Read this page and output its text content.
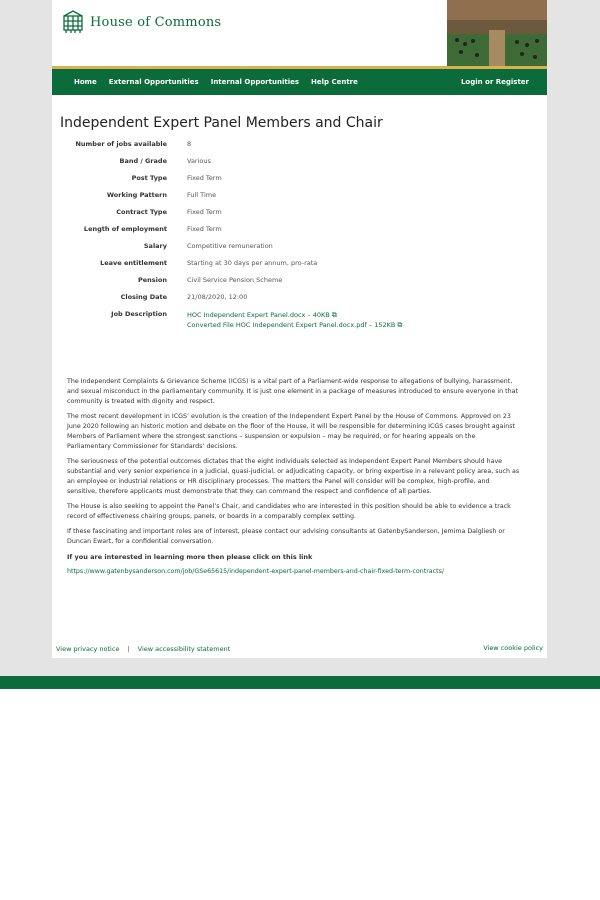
House of Commons
Home External Opportunities Internal Opportunities Help Centre	Login or Register
Independent Expert Panel Members and Chair
Number of jobs available	8
Band / Grade	Various
Post Type	Fixed Term
Working Pattern	Full Time
Contract Type	Fixed Term
Length of employment	Fixed Term
Salary	Competitive remuneration
Leave entitlement	Starting at 30 days per annum, pro-rata
Pension	Civil Service Pension Scheme
Closing Date	21/08/2020, 12:00
Job Description	HOC Independent Expert Panel.docx – 40KB ⧉
Converted File HOC Independent Expert Panel.docx.pdf – 152KB ⧉

The Independent Complaints & Grievance Scheme (ICGS) is a vital part of a Parliament-wide response to allegations of bullying, harassment, and sexual misconduct in the parliamentary community. It is just one element in a package of measures introduced to ensure everyone in that community is treated with dignity and respect.

The most recent development in ICGS’ evolution is the creation of the Independent Expert Panel by the House of Commons. Approved on 23 June 2020 following an historic motion and debate on the floor of the House, it will be responsible for determining ICGS cases brought against Members of Parliament where the strongest sanctions – suspension or expulsion – may be required, or for hearing appeals on the Parliamentary Commissioner for Standards’ decisions.

The seriousness of the potential outcomes dictates that the eight individuals selected as Independent Expert Panel Members should have substantial and very senior experience in a judicial, quasi-judicial, or adjudicating capacity, or bring expertise in a relevant policy area, such as an employee or industrial relations or HR disciplinary processes. The matters the Panel will consider will be complex, high-profile, and sensitive, therefore applicants must demonstrate that they can command the respect and confidence of all parties.

The House is also seeking to appoint the Panel’s Chair, and candidates who are interested in this position should be able to evidence a track record of effectiveness chairing groups, panels, or boards in a comparably complex setting.

If these fascinating and important roles are of interest, please contact our advising consultants at GatenbySanderson, Jemima Dalgliesh or Duncan Ewart, for a confidential conversation.

If you are interested in learning more then please click on this link

https://www.gatenbysanderson.com/job/GSe65615/independent-expert-panel-members-and-chair-fixed-term-contracts/
View privacy notice | View accessibility statement	View cookie policy
